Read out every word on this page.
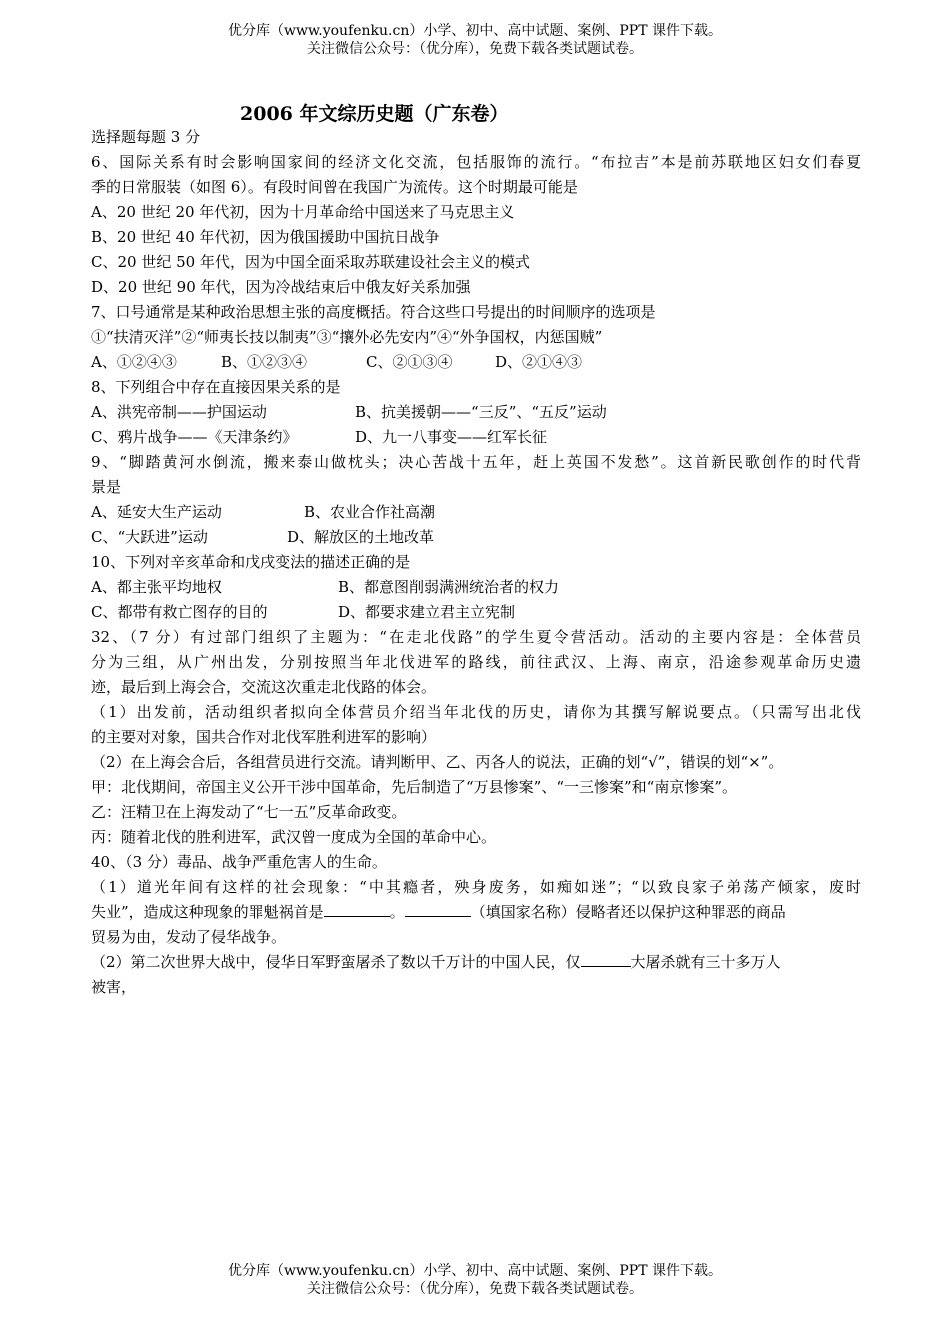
优分库（www.youfenku.cn）小学、初中、高中试题、案例、PPT 课件下载。
关注微信公众号：（优分库），免费下载各类试题试卷。
2006 年文综历史题（广东卷）
选择题每题 3 分
6、国际关系有时会影响国家间的经济文化交流，包括服饰的流行。“布拉吉”本是前苏联地区妇女们春夏
季的日常服装（如图 6）。有段时间曾在我国广为流传。这个时期最可能是
A、20 世纪 20 年代初，因为十月革命给中国送来了马克思主义
B、20 世纪 40 年代初，因为俄国援助中国抗日战争
C、20 世纪 50 年代，因为中国全面采取苏联建设社会主义的模式
D、20 世纪 90 年代，因为冷战结束后中俄友好关系加强
7、口号通常是某种政治思想主张的高度概括。符合这些口号提出的时间顺序的选项是
①“扶清灭洋”②“师夷长技以制夷”③“攘外必先安内”④“外争国权，内惩国贼”
A、①②④③	B、①②③④	C、②①③④	D、②①④③
8、下列组合中存在直接因果关系的是
A、洪宪帝制——护国运动	B、抗美援朝——“三反”、“五反”运动
C、鸦片战争——《天津条约》	D、九一八事变——红军长征
9、“脚踏黄河水倒流，搬来泰山做枕头；决心苦战十五年，赶上英国不发愁”。这首新民歌创作的时代背
景是
A、延安大生产运动	B、农业合作社高潮
C、“大跃进”运动	D、解放区的土地改革
10、下列对辛亥革命和戊戌变法的描述正确的是
A、都主张平均地权	B、都意图削弱满洲统治者的权力
C、都带有救亡图存的目的	D、都要求建立君主立宪制
32、（7 分）有过部门组织了主题为：“在走北伐路”的学生夏令营活动。活动的主要内容是：全体营员
分为三组，从广州出发，分别按照当年北伐进军的路线，前往武汉、上海、南京，沿途参观革命历史遗
迹，最后到上海会合，交流这次重走北伐路的体会。
（1）出发前，活动组织者拟向全体营员介绍当年北伐的历史，请你为其撰写解说要点。（只需写出北伐
的主要对对象，国共合作对北伐军胜利进军的影响）
（2）在上海会合后，各组营员进行交流。请判断甲、乙、丙各人的说法，正确的划“√”，错误的划“×”。
甲：北伐期间，帝国主义公开干涉中国革命，先后制造了“万县惨案”、“一三惨案”和“南京惨案”。
乙：汪精卫在上海发动了“七一五”反革命政变。
丙：随着北伐的胜利进军，武汉曾一度成为全国的革命中心。
40、（3 分）毒品、战争严重危害人的生命。
（1）道光年间有这样的社会现象：“中其瘾者，殃身废务，如痴如迷”；“以致良家子弟荡产倾家，废时
失业”，造成这种现象的罪魁祸首是	。	（填国家名称）侵略者还以保护这种罪恶的商品
贸易为由，发动了侵华战争。
（2）第二次世界大战中，侵华日军野蛮屠杀了数以千万计的中国人民，仅	大屠杀就有三十多万人
被害，
优分库（www.youfenku.cn）小学、初中、高中试题、案例、PPT 课件下载。
关注微信公众号：（优分库），免费下载各类试题试卷。
